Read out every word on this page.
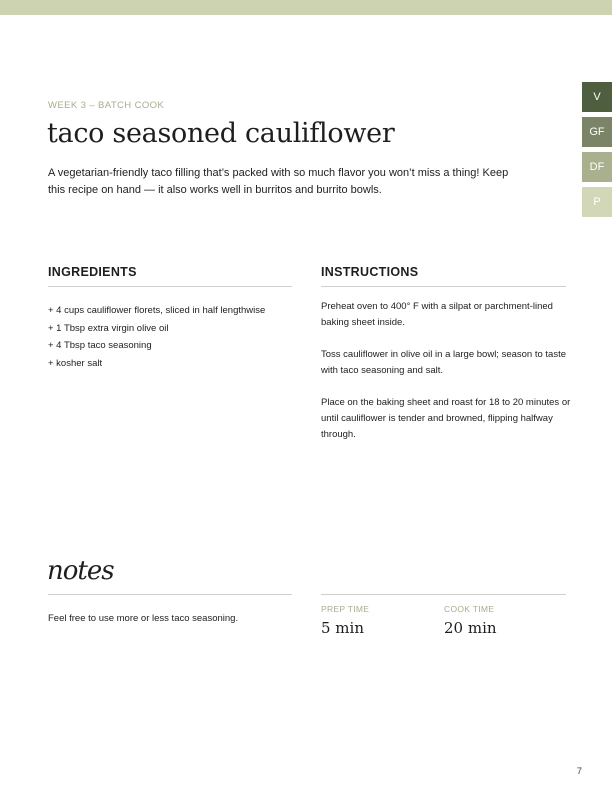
V
GF
DF
P
WEEK 3 – BATCH COOK
taco seasoned cauliflower
A vegetarian-friendly taco filling that’s packed with so much flavor you won’t miss a thing! Keep this recipe on hand — it also works well in burritos and burrito bowls.
INGREDIENTS
+ 4 cups cauliflower florets, sliced in half lengthwise
+ 1 Tbsp extra virgin olive oil
+ 4 Tbsp taco seasoning
+ kosher salt
INSTRUCTIONS

Preheat oven to 400° F with a silpat or parchment-lined baking sheet inside.

Toss cauliflower in olive oil in a large bowl; season to taste with taco seasoning and salt.

Place on the baking sheet and roast for 18 to 20 minutes or until cauliflower is tender and browned, flipping halfway through.

notes
Feel free to use more or less taco seasoning.
PREP TIME
5 min
COOK TIME
20 min
7
